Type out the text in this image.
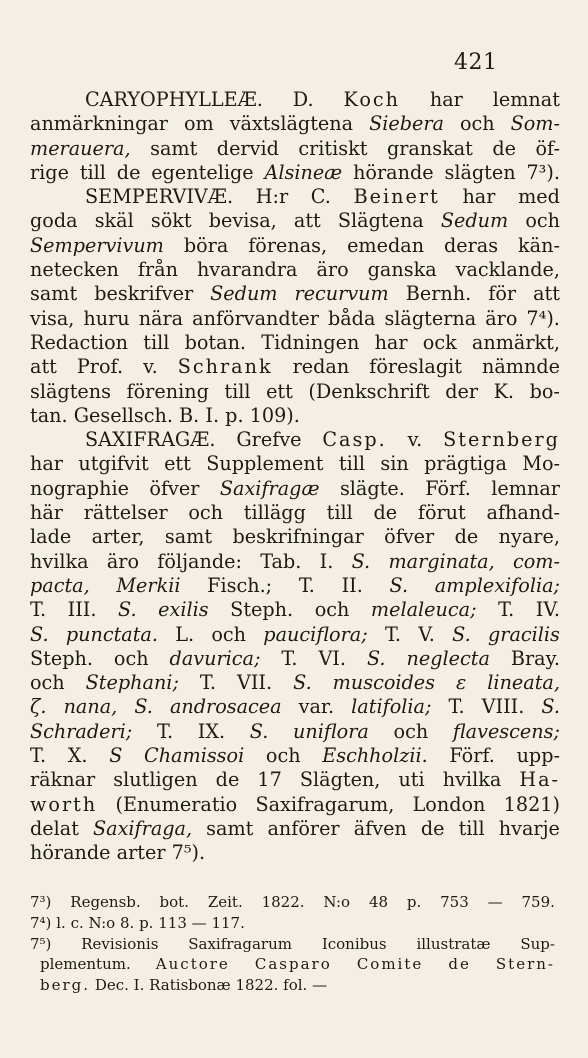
421
CARYOPHYLLEÆ. D. Koch har lemnat
anmärkningar om växtslägtena Siebera och Som-
merauera, samt dervid critiskt granskat de öf-
rige till de egentelige Alsineæ hörande slägten 7³).
SEMPERVIVÆ. H:r C. Beinert har med
goda skäl sökt bevisa, att Slägtena Sedum och
Sempervivum böra förenas, emedan deras kän-
netecken från hvarandra äro ganska vacklande,
samt beskrifver Sedum recurvum Bernh. för att
visa, huru nära anförvandter båda slägterna äro 7⁴).
Redaction till botan. Tidningen har ock anmärkt,
att Prof. v. Schrank redan föreslagit nämnde
slägtens förening till ett (Denkschrift der K. bo-
tan.
Gesellsch.
B.
I.
p.
109).
SAXIFRAGÆ. Grefve Casp. v. Sternberg
har utgifvit ett Supplement till sin prägtiga Mo-
nographie öfver Saxifragæ slägte. Förf. lemnar
här rättelser och tillägg till de förut afhand-
lade arter, samt beskrifningar öfver de nyare,
hvilka äro följande: Tab. I. S. marginata, com-
pacta, Merkii Fisch.; T. II. S. amplexifolia;
T. III. S. exilis Steph. och melaleuca; T. IV.
S. punctata. L. och pauciflora; T. V. S. gracilis
Steph. och davurica; T. VI. S. neglecta Bray.
och Stephani; T. VII. S. muscoides ε lineata,
ζ. nana, S. androsacea var. latifolia; T. VIII. S.
Schraderi; T. IX. S. uniflora och flavescens;
T. X. S Chamissoi och Eschholzii. Förf. upp-
räknar slutligen de 17 Slägten, uti hvilka Ha-
worth (Enumeratio Saxifragarum, London 1821)
delat Saxifraga, samt anförer äfven de till hvarje
hörande
arter
7⁵).
7³) Regensb. bot. Zeit. 1822. N:o 48 p. 753 — 759.
7⁴)
l.
c.
N:o
8.
p.
113
—
117.
7⁵) Revisionis Saxifragarum Iconibus illustratæ Sup-
plementum. Auctore Casparo Comite de Stern-
berg.
Dec.
I.
Ratisbonæ
1822.
fol.
—
